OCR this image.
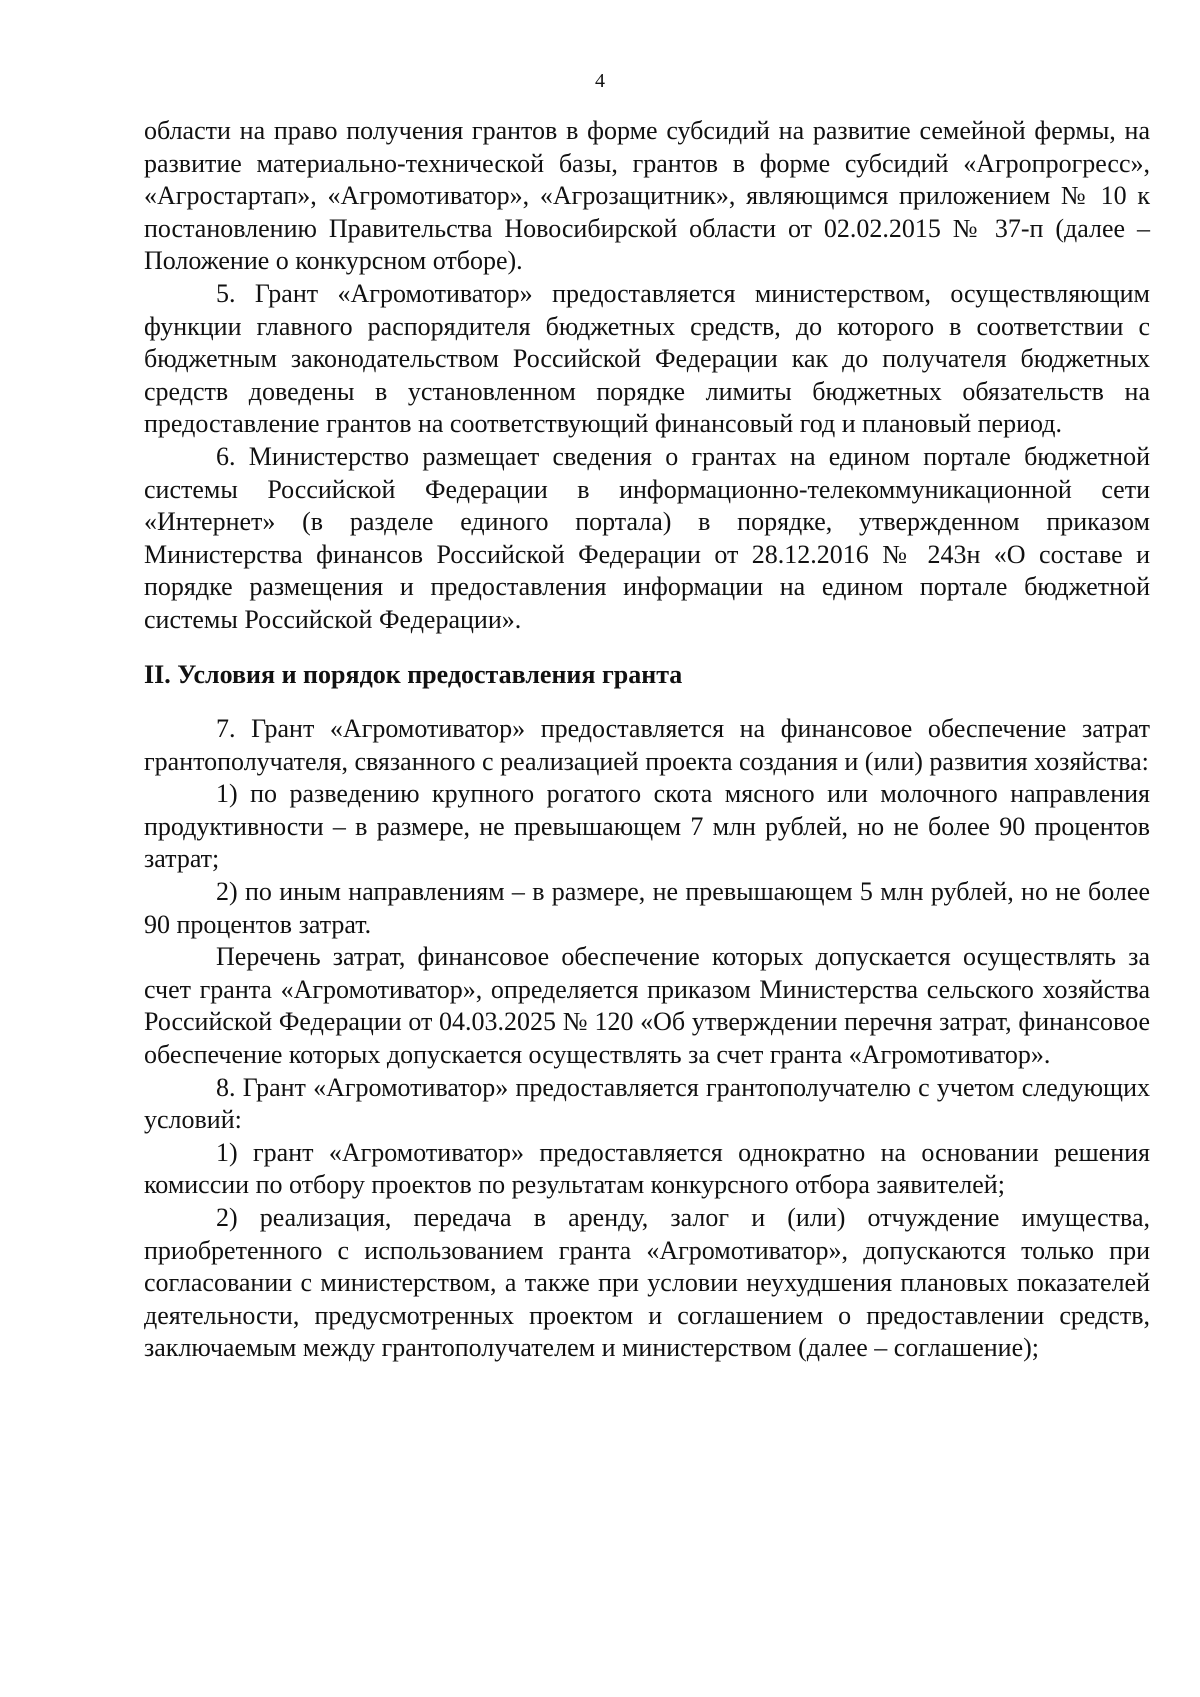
4

области на право получения грантов в форме субсидий на развитие семейной фермы, на развитие материально-технической базы, грантов в форме субсидий «Агропрогресс», «Агростартап», «Агромотиватор», «Агрозащитник», являющимся приложением № 10 к постановлению Правительства Новосибирской области от 02.02.2015 № 37-п (далее – Положение о конкурсном отборе).

5. Грант «Агромотиватор» предоставляется министерством, осуществляющим функции главного распорядителя бюджетных средств, до которого в соответствии с бюджетным законодательством Российской Федерации как до получателя бюджетных средств доведены в установленном порядке лимиты бюджетных обязательств на предоставление грантов на соответствующий финансовый год и плановый период.

6. Министерство размещает сведения о грантах на едином портале бюджетной системы Российской Федерации в информационно-телекоммуникационной сети «Интернет» (в разделе единого портала) в порядке, утвержденном приказом Министерства финансов Российской Федерации от 28.12.2016 № 243н «О составе и порядке размещения и предоставления информации на едином портале бюджетной системы Российской Федерации».

II. Условия и порядок предоставления гранта

7. Грант «Агромотиватор» предоставляется на финансовое обеспечение затрат грантополучателя, связанного с реализацией проекта создания и (или) развития хозяйства:

1) по разведению крупного рогатого скота мясного или молочного направления продуктивности – в размере, не превышающем 7 млн рублей, но не более 90 процентов затрат;

2) по иным направлениям – в размере, не превышающем 5 млн рублей, но не более 90 процентов затрат.

Перечень затрат, финансовое обеспечение которых допускается осуществлять за счет гранта «Агромотиватор», определяется приказом Министерства сельского хозяйства Российской Федерации от 04.03.2025 № 120 «Об утверждении перечня затрат, финансовое обеспечение которых допускается осуществлять за счет гранта «Агромотиватор».

8. Грант «Агромотиватор» предоставляется грантополучателю с учетом следующих условий:

1) грант «Агромотиватор» предоставляется однократно на основании решения комиссии по отбору проектов по результатам конкурсного отбора заявителей;

2) реализация, передача в аренду, залог и (или) отчуждение имущества, приобретенного с использованием гранта «Агромотиватор», допускаются только при согласовании с министерством, а также при условии неухудшения плановых показателей деятельности, предусмотренных проектом и соглашением о предоставлении средств, заключаемым между грантополучателем и министерством (далее – соглашение);
